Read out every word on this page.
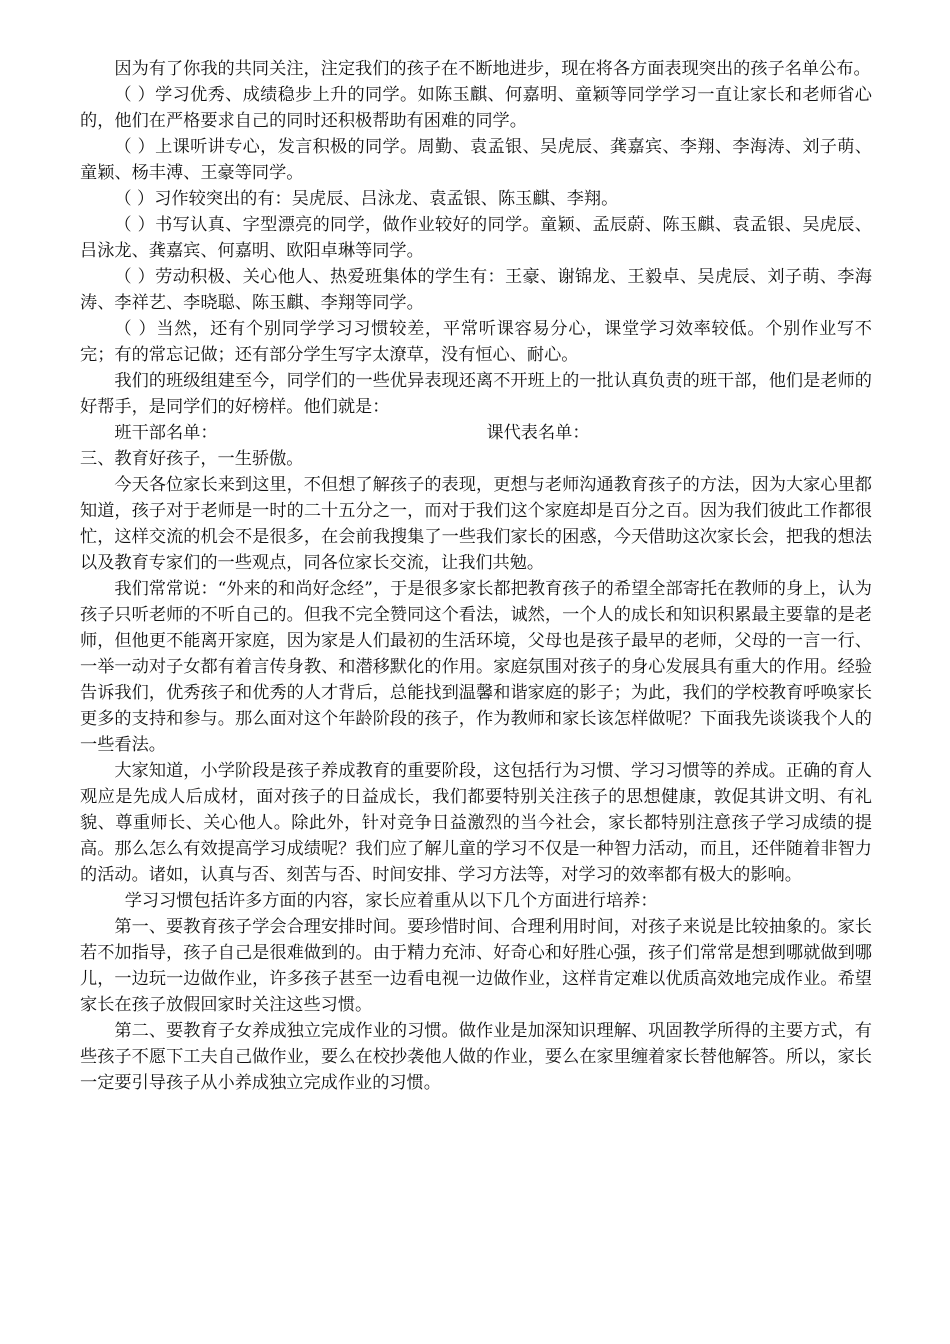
因为有了你我的共同关注，注定我们的孩子在不断地进步，现在将各方面表现突出的孩子名单公布。

（ ）学习优秀、成绩稳步上升的同学。如陈玉麒、何嘉明、童颖等同学学习一直让家长和老师省心的，他们在严格要求自己的同时还积极帮助有困难的同学。

（ ）上课听讲专心，发言积极的同学。周勤、袁孟银、吴虎辰、龚嘉宾、李翔、李海涛、刘子萌、童颖、杨丰溥、王豪等同学。

（ ）习作较突出的有：吴虎辰、吕泳龙、袁孟银、陈玉麒、李翔。

（ ）书写认真、字型漂亮的同学，做作业较好的同学。童颖、孟辰蔚、陈玉麒、袁孟银、吴虎辰、吕泳龙、龚嘉宾、何嘉明、欧阳卓琳等同学。

（ ）劳动积极、关心他人、热爱班集体的学生有：王豪、谢锦龙、王毅卓、吴虎辰、刘子萌、李海涛、李祥艺、李晓聪、陈玉麒、李翔等同学。

（ ）当然，还有个别同学学习习惯较差，平常听课容易分心，课堂学习效率较低。个别作业写不完；有的常忘记做；还有部分学生写字太潦草，没有恒心、耐心。

我们的班级组建至今，同学们的一些优异表现还离不开班上的一批认真负责的班干部，他们是老师的好帮手，是同学们的好榜样。他们就是：

班干部名单：	课代表名单：

三、教育好孩子，一生骄傲。

今天各位家长来到这里，不但想了解孩子的表现，更想与老师沟通教育孩子的方法，因为大家心里都知道，孩子对于老师是一时的二十五分之一，而对于我们这个家庭却是百分之百。因为我们彼此工作都很忙，这样交流的机会不是很多，在会前我搜集了一些我们家长的困惑，今天借助这次家长会，把我的想法以及教育专家们的一些观点，同各位家长交流，让我们共勉。

我们常常说：“外来的和尚好念经”，于是很多家长都把教育孩子的希望全部寄托在教师的身上，认为孩子只听老师的不听自己的。但我不完全赞同这个看法，诚然，一个人的成长和知识积累最主要靠的是老师，但他更不能离开家庭，因为家是人们最初的生活环境，父母也是孩子最早的老师，父母的一言一行、一举一动对子女都有着言传身教、和潜移默化的作用。家庭氛围对孩子的身心发展具有重大的作用。经验告诉我们，优秀孩子和优秀的人才背后，总能找到温馨和谐家庭的影子；为此，我们的学校教育呼唤家长更多的支持和参与。那么面对这个年龄阶段的孩子，作为教师和家长该怎样做呢？下面我先谈谈我个人的一些看法。

大家知道，小学阶段是孩子养成教育的重要阶段，这包括行为习惯、学习习惯等的养成。正确的育人观应是先成人后成材，面对孩子的日益成长，我们都要特别关注孩子的思想健康，敦促其讲文明、有礼貌、尊重师长、关心他人。除此外，针对竞争日益激烈的当今社会，家长都特别注意孩子学习成绩的提高。那么怎么有效提高学习成绩呢？我们应了解儿童的学习不仅是一种智力活动，而且，还伴随着非智力的活动。诸如，认真与否、刻苦与否、时间安排、学习方法等，对学习的效率都有极大的影响。

学习习惯包括许多方面的内容，家长应着重从以下几个方面进行培养：

第一、要教育孩子学会合理安排时间。要珍惜时间、合理利用时间，对孩子来说是比较抽象的。家长若不加指导，孩子自己是很难做到的。由于精力充沛、好奇心和好胜心强，孩子们常常是想到哪就做到哪儿，一边玩一边做作业，许多孩子甚至一边看电视一边做作业，这样肯定难以优质高效地完成作业。希望家长在孩子放假回家时关注这些习惯。

第二、要教育子女养成独立完成作业的习惯。做作业是加深知识理解、巩固教学所得的主要方式，有些孩子不愿下工夫自己做作业，要么在校抄袭他人做的作业，要么在家里缠着家长替他解答。所以，家长一定要引导孩子从小养成独立完成作业的习惯。
